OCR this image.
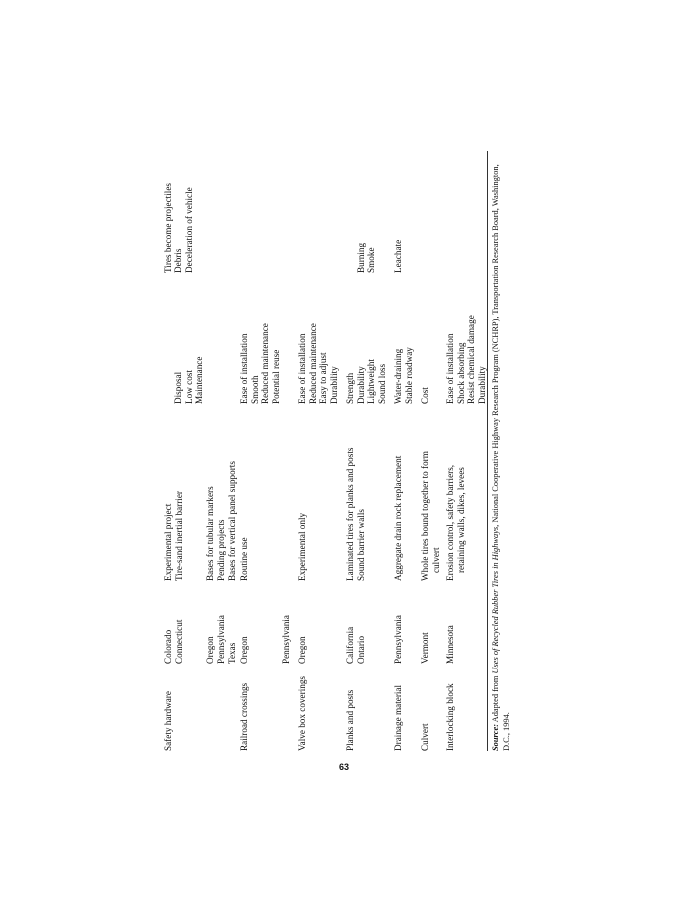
Tires become projectiles

Disposal Low cost Maintenance
Debris Deceleration of vehicle
Safety hardware
Colorado Connecticut

Oregon Pennsylvania Texas
Experimental project Tire-sand inertial barrier

Bases for tubular markers Pending projects Bases for vertical panel supports

Railroad crossings
Oregon

	Pennsylvania
Routine use
Ease of installation Smooth Reduced maintenance Potential reuse

Valve box coverings
Oregon
Experimental only
Ease of installation Reduced maintenance Easy to adjust Durability

Planks and posts
California Ontario
Laminated tires for planks and posts Sound barrier walls
Strength Durability Lightweight Sound loss

Burning Smoke
Drainage material
Pennsylvania
Aggregate drain rock replacement
Water-draining Stable roadway
Leachate
Culvert
Vermont
Whole tires bound together to form culvert
Cost

Interlocking block
Minnesota
Erosion control, safety barriers, retaining walls, dikes, levees
Ease of installation Shock absorbing Resist chemical damage Durability

Source: Adapted from Uses of Recycled Rubber Tires in Highways, National Cooperative Highway Research Program (NCHRP), Transportation Research Board, Washington, D.C., 1994.
63
